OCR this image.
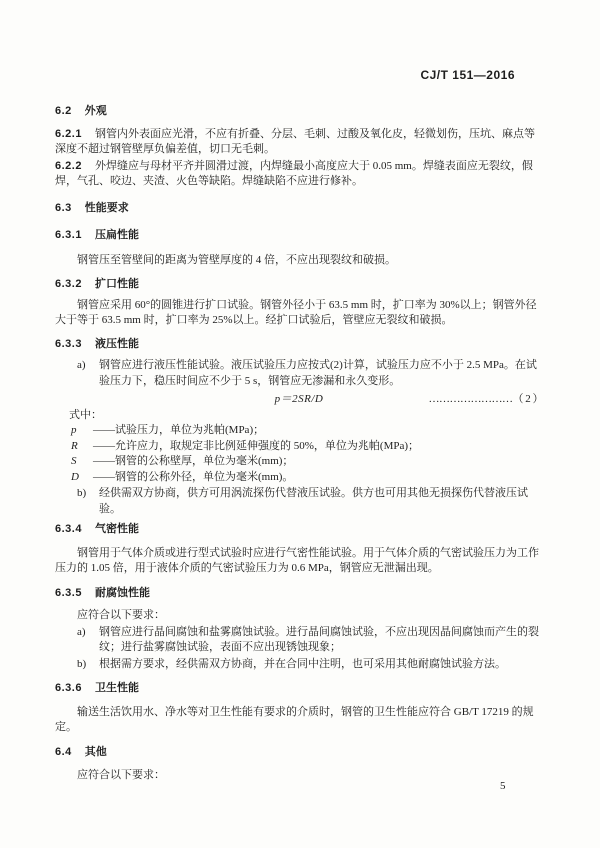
CJ/T 151—2016
6.2 外观

6.2.1 钢管内外表面应光滑，不应有折叠、分层、毛刺、过酸及氧化皮，轻微划伤，压坑、麻点等深度不超过钢管壁厚负偏差值，切口无毛刺。

6.2.2 外焊缝应与母材平齐并圆滑过渡，内焊缝最小高度应大于 0.05 mm。焊缝表面应无裂纹，假焊，气孔、咬边、夹渣、火色等缺陷。焊缝缺陷不应进行修补。

6.3 性能要求
6.3.1 压扁性能

钢管压至管壁间的距离为管壁厚度的 4 倍，不应出现裂纹和破损。

6.3.2 扩口性能

钢管应采用 60°的圆锥进行扩口试验。钢管外径小于 63.5 mm 时，扩口率为 30%以上；钢管外径大于等于 63.5 mm 时，扩口率为 25%以上。经扩口试验后，管壁应无裂纹和破损。

6.3.3 液压性能
a)	钢管应进行液压性能试验。液压试验压力应按式(2)计算，试验压力应不小于 2.5 MPa。在试验压力下，稳压时间应不少于 5 s，钢管应无渗漏和永久变形。
p＝2SR/D	……………………（ 2 ）

式中：

p	——试验压力，单位为兆帕(MPa)；
R	——允许应力，取规定非比例延伸强度的 50%，单位为兆帕(MPa)；
S	——钢管的公称壁厚，单位为毫米(mm)；
D	——钢管的公称外径，单位为毫米(mm)。
b)	经供需双方协商，供方可用涡流探伤代替液压试验。供方也可用其他无损探伤代替液压试验。
6.3.4 气密性能

钢管用于气体介质或进行型式试验时应进行气密性能试验。用于气体介质的气密试验压力为工作压力的 1.05 倍，用于液体介质的气密试验压力为 0.6 MPa，钢管应无泄漏出现。

6.3.5 耐腐蚀性能

应符合以下要求：

a)	钢管应进行晶间腐蚀和盐雾腐蚀试验。进行晶间腐蚀试验，不应出现因晶间腐蚀而产生的裂纹；进行盐雾腐蚀试验，表面不应出现锈蚀现象；
b)	根据需方要求，经供需双方协商，并在合同中注明，也可采用其他耐腐蚀试验方法。
6.3.6 卫生性能

输送生活饮用水、净水等对卫生性能有要求的介质时，钢管的卫生性能应符合 GB/T 17219 的规定。

6.4 其他

应符合以下要求：

5
